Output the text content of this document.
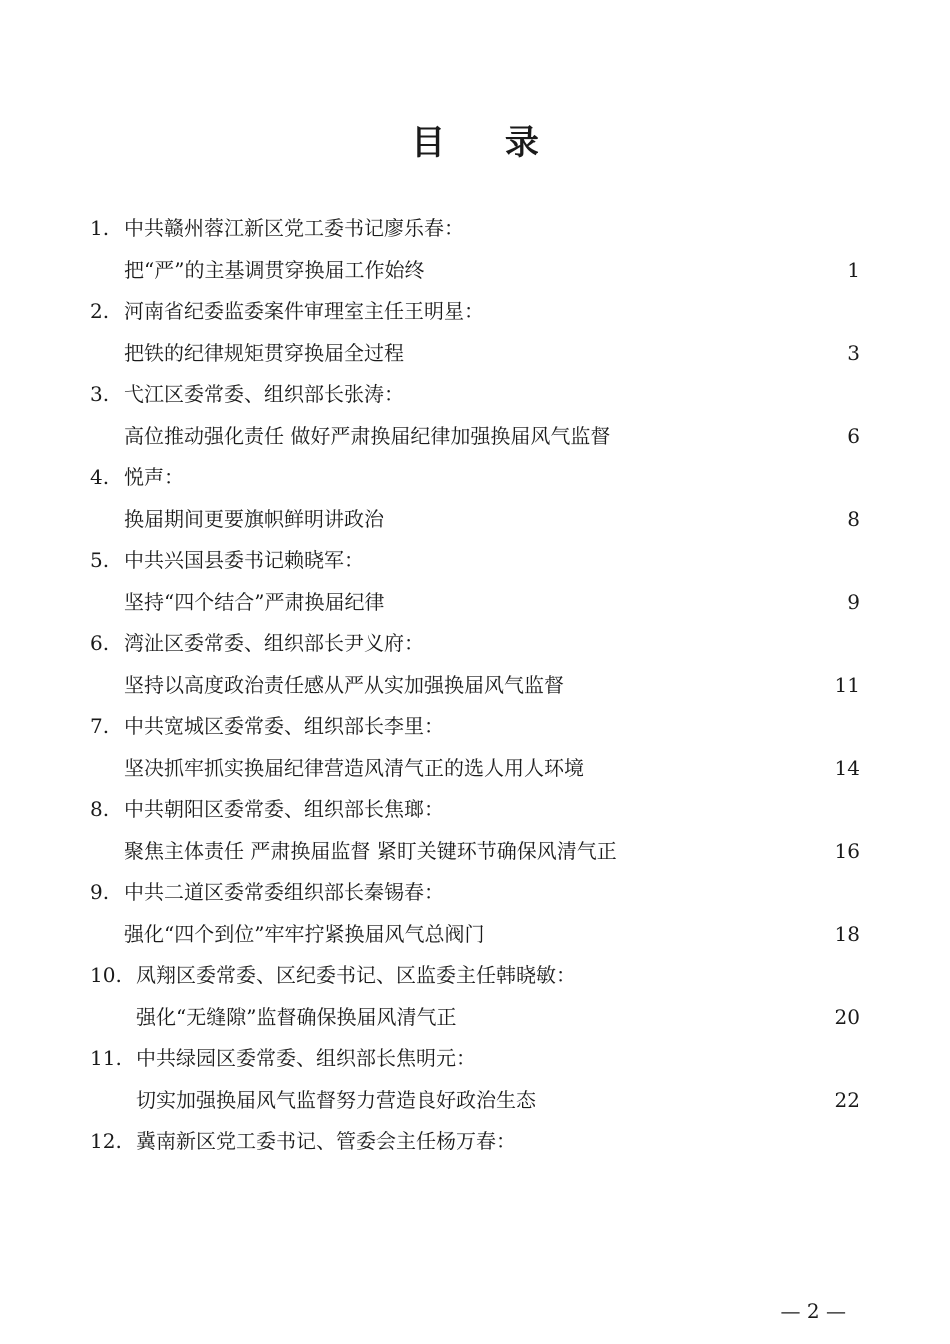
目 录
1. 中共赣州蓉江新区党工委书记廖乐春：
把“严”的主基调贯穿换届工作始终	1
2. 河南省纪委监委案件审理室主任王明星：
把铁的纪律规矩贯穿换届全过程	3
3. 弋江区委常委、组织部长张涛：
高位推动强化责任 做好严肃换届纪律加强换届风气监督	6
4. 悦声：
换届期间更要旗帜鲜明讲政治	8
5. 中共兴国县委书记赖晓军：
坚持“四个结合”严肃换届纪律	9
6. 湾沚区委常委、组织部长尹义府：
坚持以高度政治责任感从严从实加强换届风气监督	11
7. 中共宽城区委常委、组织部长李里：
坚决抓牢抓实换届纪律营造风清气正的选人用人环境	14
8. 中共朝阳区委常委、组织部长焦瑯：
聚焦主体责任 严肃换届监督 紧盯关键环节确保风清气正	16
9. 中共二道区委常委组织部长秦锡春：
强化“四个到位”牢牢拧紧换届风气总阀门	18
10. 凤翔区委常委、区纪委书记、区监委主任韩晓敏：
强化“无缝隙”监督确保换届风清气正	20
11. 中共绿园区委常委、组织部长焦明元：
切实加强换届风气监督努力营造良好政治生态	22
12. 冀南新区党工委书记、管委会主任杨万春：
— 2 —
